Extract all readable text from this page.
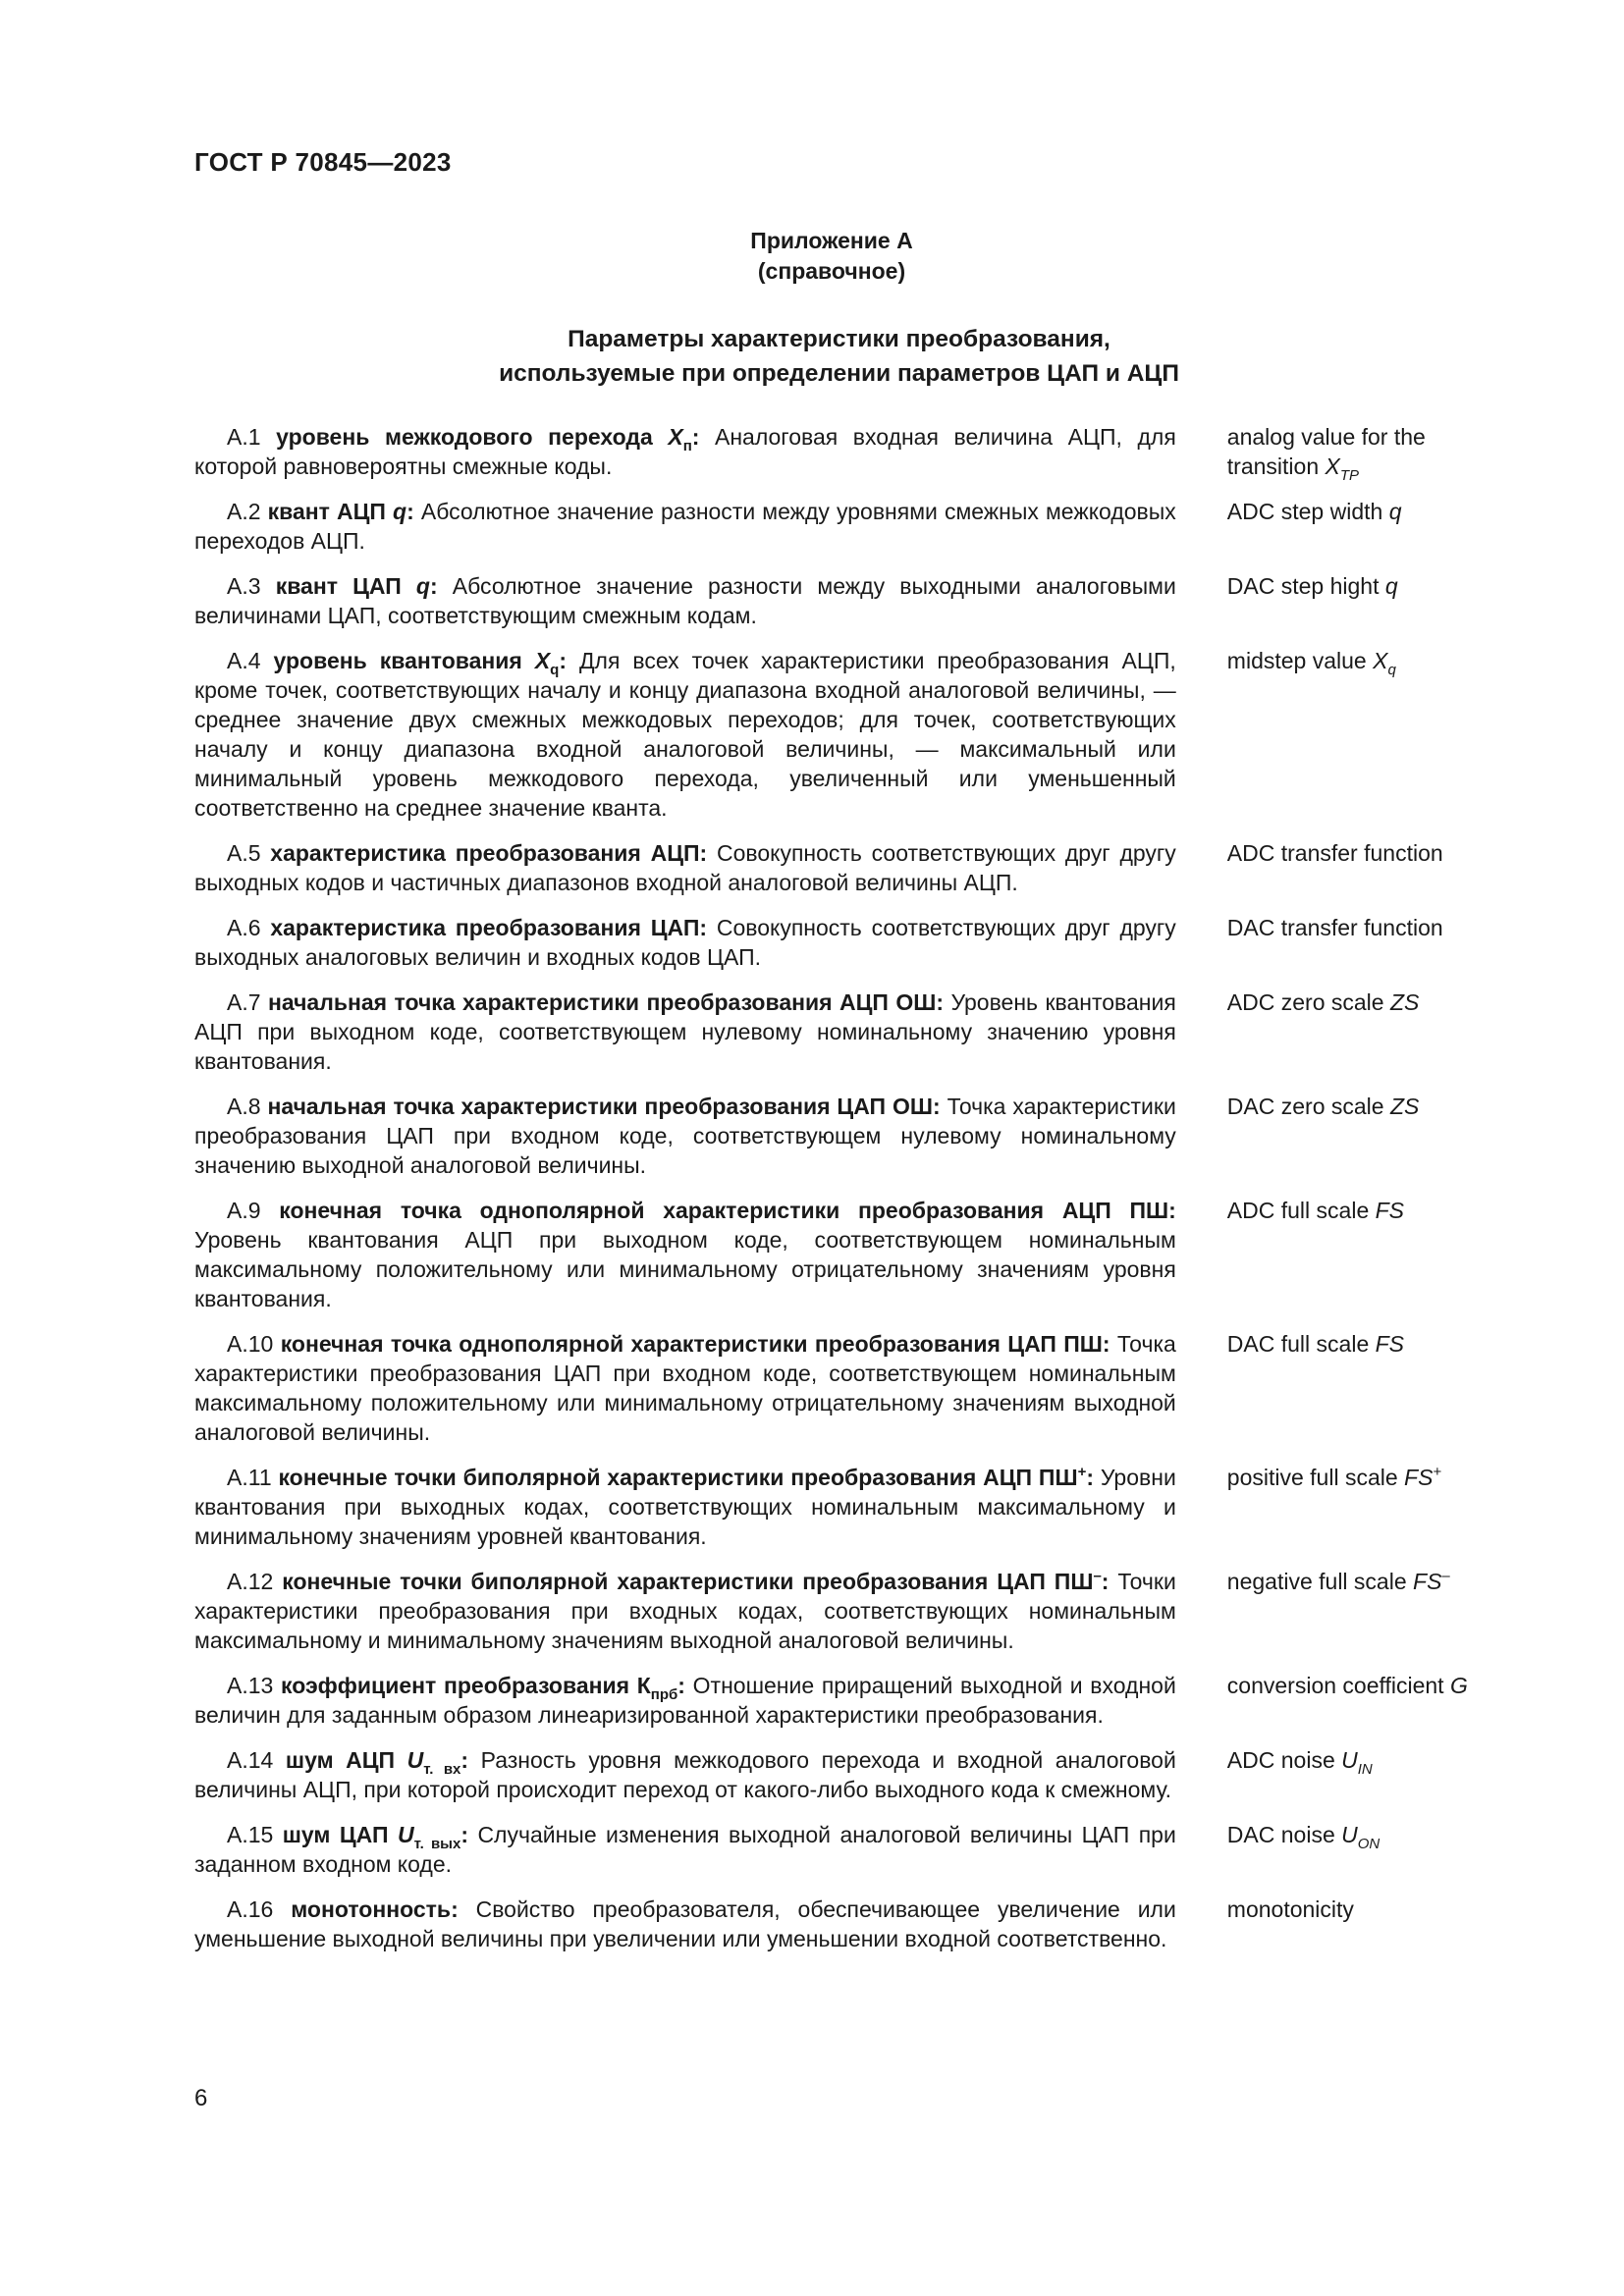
ГОСТ Р 70845—2023
Приложение А
(справочное)
Параметры характеристики преобразования,
используемые при определении параметров ЦАП и АЦП
А.1 уровень межкодового перехода $X_п$: Аналоговая входная величина АЦП, для которой равновероятны смежные коды.
analog value for the transition $X_{TP}$
А.2 квант АЦП q: Абсолютное значение разности между уровнями смежных межкодовых переходов АЦП.
ADC step width q
А.3 квант ЦАП q: Абсолютное значение разности между выходными аналоговыми величинами ЦАП, соответствующим смежным кодам.
DAC step hight q
А.4 уровень квантования $X_q$: Для всех точек характеристики преобразования АЦП, кроме точек, соответствующих началу и концу диапазона входной аналоговой величины, — среднее значение двух смежных межкодовых переходов; для точек, соответствующих началу и концу диапазона входной аналоговой величины, — максимальный или минимальный уровень межкодового перехода, увеличенный или уменьшенный соответственно на среднее значение кванта.
midstep value $X_q$
А.5 характеристика преобразования АЦП: Совокупность соответствующих друг другу выходных кодов и частичных диапазонов входной аналоговой величины АЦП.
ADC transfer function
А.6 характеристика преобразования ЦАП: Совокупность соответствующих друг другу выходных аналоговых величин и входных кодов ЦАП.
DAC transfer function
А.7 начальная точка характеристики преобразования АЦП ОШ: Уровень квантования АЦП при выходном коде, соответствующем нулевому номинальному значению уровня квантования.
ADC zero scale ZS
А.8 начальная точка характеристики преобразования ЦАП ОШ: Точка характеристики преобразования ЦАП при входном коде, соответствующем нулевому номинальному значению выходной аналоговой величины.
DAC zero scale ZS
А.9 конечная точка однополярной характеристики преобразования АЦП ПШ: Уровень квантования АЦП при выходном коде, соответствующем номинальным максимальному положительному или минимальному отрицательному значениям уровня квантования.
ADC full scale FS
А.10 конечная точка однополярной характеристики преобразования ЦАП ПШ: Точка характеристики преобразования ЦАП при входном коде, соответствующем номинальным максимальному положительному или минимальному отрицательному значениям выходной аналоговой величины.
DAC full scale FS
А.11 конечные точки биполярной характеристики преобразования АЦП ПШ+: Уровни квантования при выходных кодах, соответствующих номинальным максимальному и минимальному значениям уровней квантования.
positive full scale FS+
А.12 конечные точки биполярной характеристики преобразования ЦАП ПШ–: Точки характеристики преобразования при входных кодах, соответствующих номинальным максимальному и минимальному значениям выходной аналоговой величины.
negative full scale FS–
А.13 коэффициент преобразования $К_{прб}$: Отношение приращений выходной и входной величин для заданным образом линеаризированной характеристики преобразования.
conversion coefficient G
А.14 шум АЦП $U_{т. вх}$: Разность уровня межкодового перехода и входной аналоговой величины АЦП, при которой происходит переход от какого-либо выходного кода к смежному.
ADC noise $U_{IN}$
А.15 шум ЦАП $U_{т. вых}$: Случайные изменения выходной аналоговой величины ЦАП при заданном входном коде.
DAC noise $U_{ON}$
А.16 монотонность: Свойство преобразователя, обеспечивающее увеличение или уменьшение выходной величины при увеличении или уменьшении входной соответственно.
monotonicity
6
